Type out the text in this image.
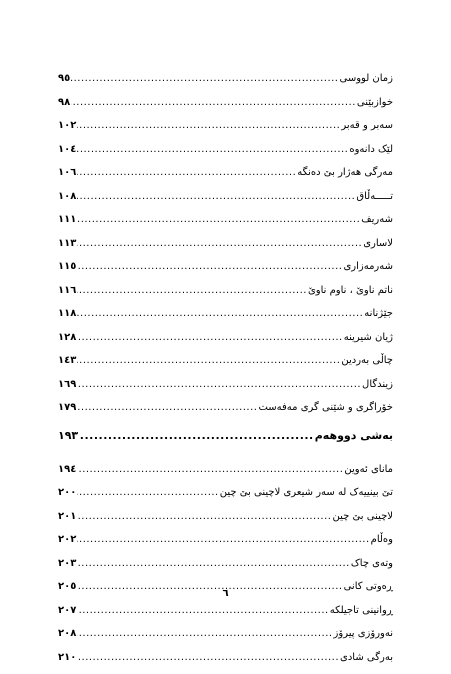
زمان لووسی
.....
٩٥
خوازبێنی
.....
٩٨
سەبر و قەبر
.....
١٠٢
لێک دانەوە
.....
١٠٤
مەرگی هەژار بێ دەنگە
.....
١٠٦
تـــــەڵاق
.....
١٠٨
شەریف
.....
١١١
لاساری
.....
١١٣
شەرمەزاری
.....
١١٥
ناتم ناوێ ، ناوم ناوێ
.....
١١٦
جێژنانە
.....
١١٨
ژیان شیرینە
.....
١٢٨
چاڵی بەردین
.....
١٤٣
زیندگال
.....
١٦٩
خۆراگری و شێنی گری مەفەست
.....
١٧٩
بەشی دووهەم
.....
١٩٣
مانای ئەوین
.....
١٩٤
تێ بینییەک لە سەر شیعری لاچینی بێ چین
.....
٢٠٠
لاچینی بێ چین
.....
٢٠١
وەڵام
.....
٢٠٢
وتەی چاک
.....
٢٠٣
ڕەوتی کانی
.....
٢٠٥
ڕوانینی تاجیلکە
.....
٢٠٧
نەورۆزی پیرۆز
.....
٢٠٨
بەرگی شادی
.....
٢١٠
٦
